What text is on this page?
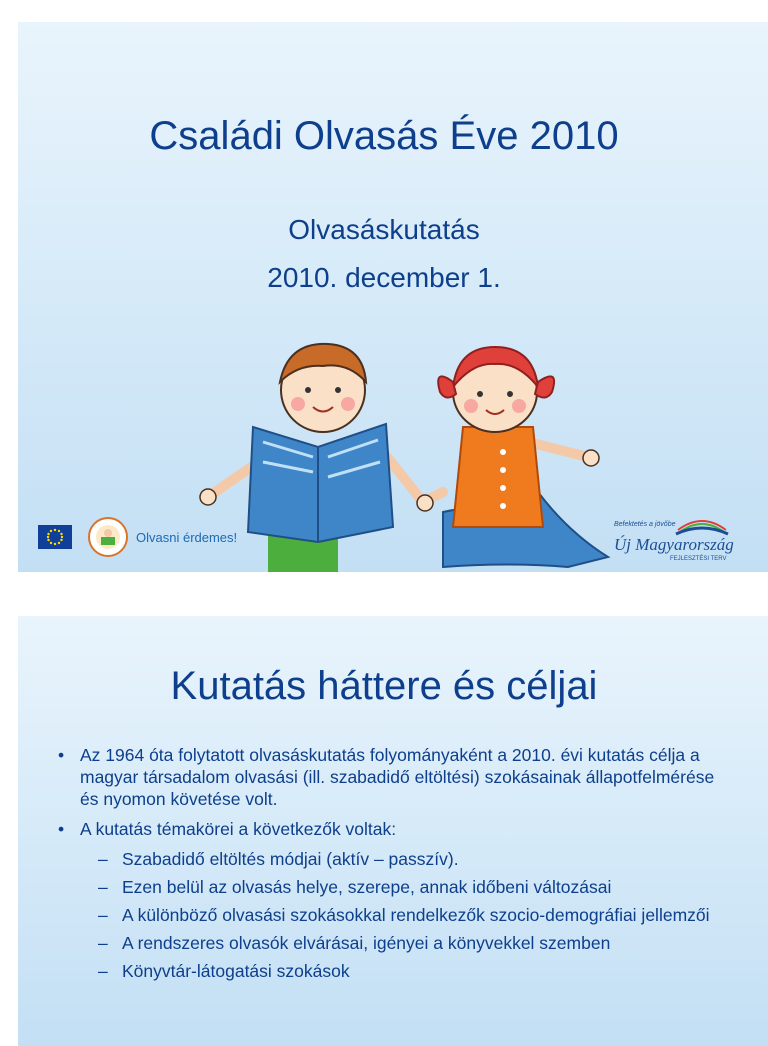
Családi Olvasás Éve 2010
Olvasáskutatás
2010. december 1.
Olvasni érdemes!
Befektetés a jövőbe
Új Magyarország
FEJLESZTÉSI TERV
Kutatás háttere és céljai
• Az 1964 óta folytatott olvasáskutatás folyományaként a 2010. évi kutatás célja a magyar társadalom olvasási (ill. szabadidő eltöltési) szokásainak állapotfelmérése és nyomon követése volt.
• A kutatás témakörei a következők voltak:
– Szabadidő eltöltés módjai (aktív – passzív).
– Ezen belül az olvasás helye, szerepe, annak időbeni változásai
– A különböző olvasási szokásokkal rendelkezők szocio-demográfiai jellemzői
– A rendszeres olvasók elvárásai, igényei a könyvekkel szemben
– Könyvtár-látogatási szokások
